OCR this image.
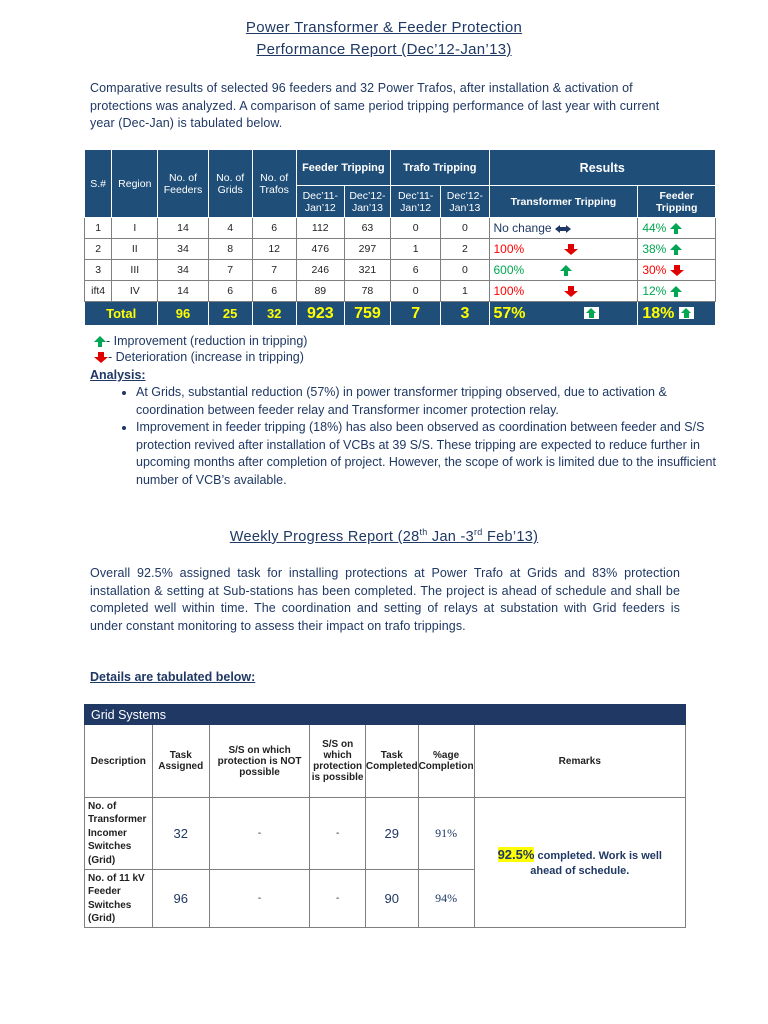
Power Transformer & Feeder Protection
Performance Report (Dec’12-Jan’13)
Comparative results of selected 96 feeders and 32 Power Trafos, after installation & activation of
protections was analyzed. A comparison of same period tripping performance of last year with current
year (Dec-Jan) is tabulated below.
S.#	Region	No. of Feeders	No. of Grids	No. of Trafos	Feeder Tripping		Trafo Tripping		Results	
					Dec’11-Jan’12	Dec’12-Jan’13	Dec’11-Jan’12	Dec’12-Jan’13	Transformer Tripping	Feeder Tripping
1	I	14	4	6	112	63	0	0	No change	44%

2	II	34	8	12	476	297	1	2	100%	38%

3	III	34	7	7	246	321	6	0	600%	30%

ift4	IV	14	6	6	89	78	0	1	100%	12%

Total		96	25	32	923	759	7	3	57%	18%
- Improvement (reduction in tripping)
- Deterioration (increase in tripping)
Analysis:
• At Grids, substantial reduction (57%) in power transformer tripping observed, due to activation & coordination between feeder relay and Transformer incomer protection relay.
• Improvement in feeder tripping (18%) has also been observed as coordination between feeder and S/S protection revived after installation of VCBs at 39 S/S. These tripping are expected to reduce further in upcoming months after completion of project. However, the scope of work is limited due to the insufficient number of VCB’s available.
Weekly Progress Report (28th Jan -3rd Feb’13)
Overall 92.5% assigned task for installing protections at Power Trafo at Grids and 83% protection installation & setting at Sub-stations has been completed. The project is ahead of schedule and shall be completed well within time. The coordination and setting of relays at substation with Grid feeders is under constant monitoring to assess their impact on trafo trippings.
Details are tabulated below:
Grid Systems						
Description	Task Assigned	S/S on which protection is NOT possible	S/S on which protection is possible	Task Completed	%age Completion	Remarks
No. of Transformer Incomer Switches (Grid)	32	-	-	29	91%	92.5% completed. Work is well ahead of schedule.
No. of 11 kV Feeder Switches (Grid)	96	-	-	90	94%	
